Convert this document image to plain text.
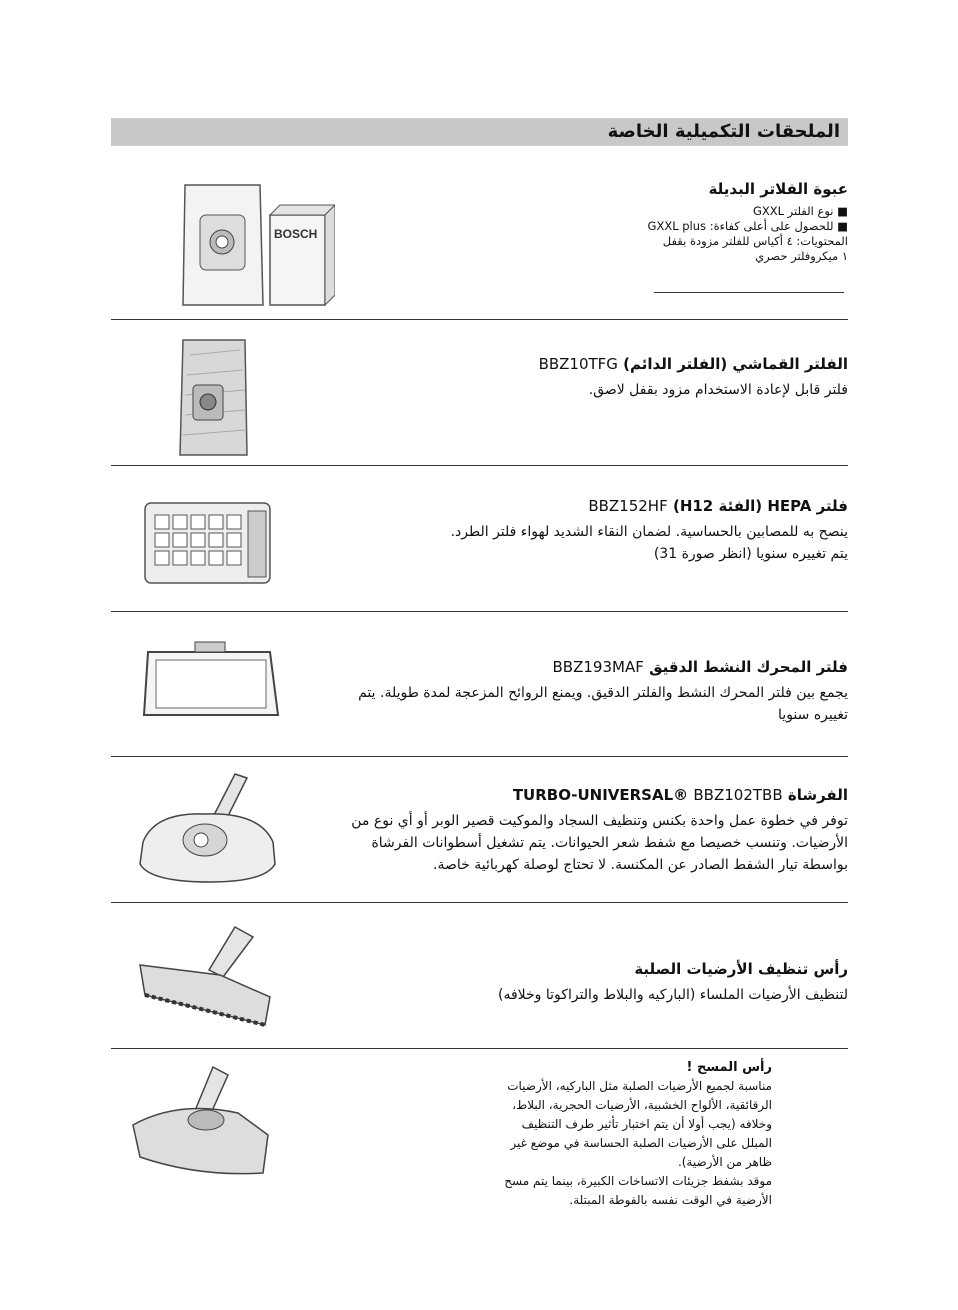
الملحقات التكميلية الخاصة

عبوة الفلاتر البديلة

■ نوع الفلتر GXXL

■ للحصول على أعلى كفاءة: GXXL plus

المحتويات: ٤ أكياس للفلتر مزودة بقفل

١ ميكروفلتر حصري

BOSCH

الفلتر القماشي (الفلتر الدائم) BBZ10TFG

فلتر قابل لإعادة الاستخدام مزود بقفل لاصق.

فلتر HEPA (الفئة H12) BBZ152HF

ينصح به للمصابين بالحساسية. لضمان النقاء الشديد لهواء فلتر الطرد.

يتم تغييره سنويا (انظر صورة 31)

فلتر المحرك النشط الدقيق BBZ193MAF

يجمع بين فلتر المحرك النشط والفلتر الدقيق. ويمنع الروائح المزعجة لمدة طويلة. يتم

تغييره سنويا

الفرشاة TURBO-UNIVERSAL® BBZ102TBB

توفر في خطوة عمل واحدة بكنس وتنظيف السجاد والموكيت قصير الوبر أو أي نوع من

الأرضيات. وتنسب خصيصا مع شفط شعر الحيوانات. يتم تشغيل أسطوانات الفرشاة

بواسطة تيار الشفط الصادر عن المكنسة. لا تحتاج لوصلة كهربائية خاصة.

رأس تنظيف الأرضيات الصلبة

لتنظيف الأرضيات الملساء (الباركيه والبلاط والتراكوتا وخلافه)

رأس المسح !

مناسبة لجميع الأرضيات الصلبة مثل الباركيه، الأرضيات

الرقائقية، الألواح الخشبية، الأرضيات الحجرية، البلاط،

وخلافه (يجب أولا أن يتم اختبار تأثير طرف التنظيف

المبلل على الأرضيات الصلبة الحساسة في موضع غير

ظاهر من الأرضية).

موقد بشفط جزيئات الاتساخات الكبيرة، بينما يتم مسح

الأرضية في الوقت نفسه بالفوطة المبتلة.
